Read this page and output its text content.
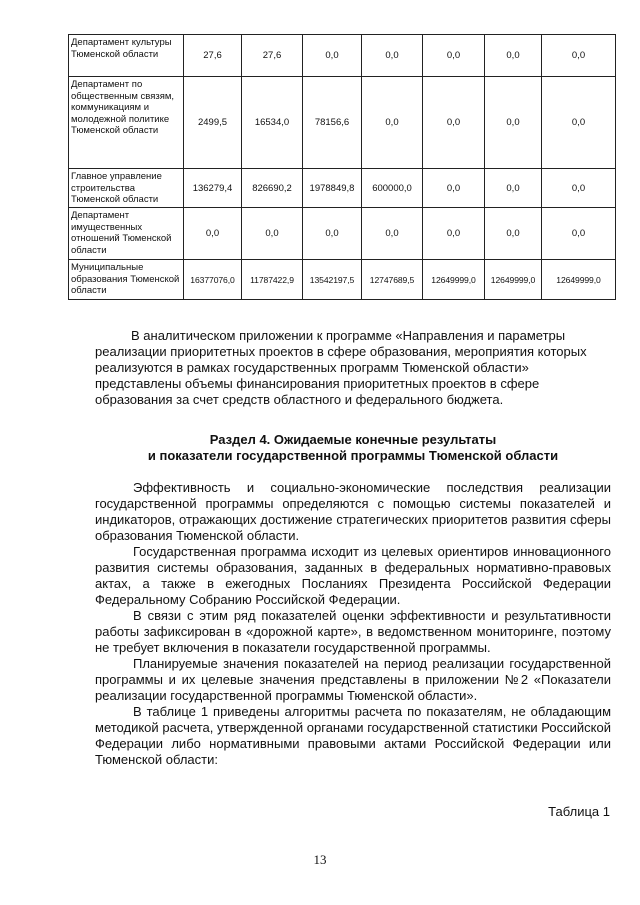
Департамент культуры Тюменской области	27,6	27,6	0,0	0,0	0,0	0,0	0,0
Департамент по общественным связям, коммуникациям и молодежной политике Тюменской области	2499,5	16534,0	78156,6	0,0	0,0	0,0	0,0
Главное управление строительства Тюменской области	136279,4	826690,2	1978849,8	600000,0	0,0	0,0	0,0
Департамент имущественных отношений Тюменской области	0,0	0,0	0,0	0,0	0,0	0,0	0,0
Муниципальные образования Тюменской области	16377076,0	11787422,9	13542197,5	12747689,5	12649999,0	12649999,0	12649999,0

В аналитическом приложении к программе «Направления и параметры реализации приоритетных проектов в сфере образования, мероприятия которых реализуются в рамках государственных программ Тюменской области» представлены объемы финансирования приоритетных проектов в сфере образования за счет средств областного и федерального бюджета.

Раздел 4. Ожидаемые конечные результаты
и показатели государственной программы Тюменской области

Эффективность и социально-экономические последствия реализации государственной программы определяются с помощью системы показателей и индикаторов, отражающих достижение стратегических приоритетов развития сферы образования Тюменской области.

Государственная программа исходит из целевых ориентиров инновационного развития системы образования, заданных в федеральных нормативно-правовых актах, а также в ежегодных Посланиях Президента Российской Федерации Федеральному Собранию Российской Федерации.

В связи с этим ряд показателей оценки эффективности и результативности работы зафиксирован в «дорожной карте», в ведомственном мониторинге, поэтому не требует включения в показатели государственной программы.

Планируемые значения показателей на период реализации государственной программы и их целевые значения представлены в приложении №2 «Показатели реализации государственной программы Тюменской области».

В таблице 1 приведены алгоритмы расчета по показателям, не обладающим методикой расчета, утвержденной органами государственной статистики Российской Федерации либо нормативными правовыми актами Российской Федерации или Тюменской области:

Таблица 1
13
